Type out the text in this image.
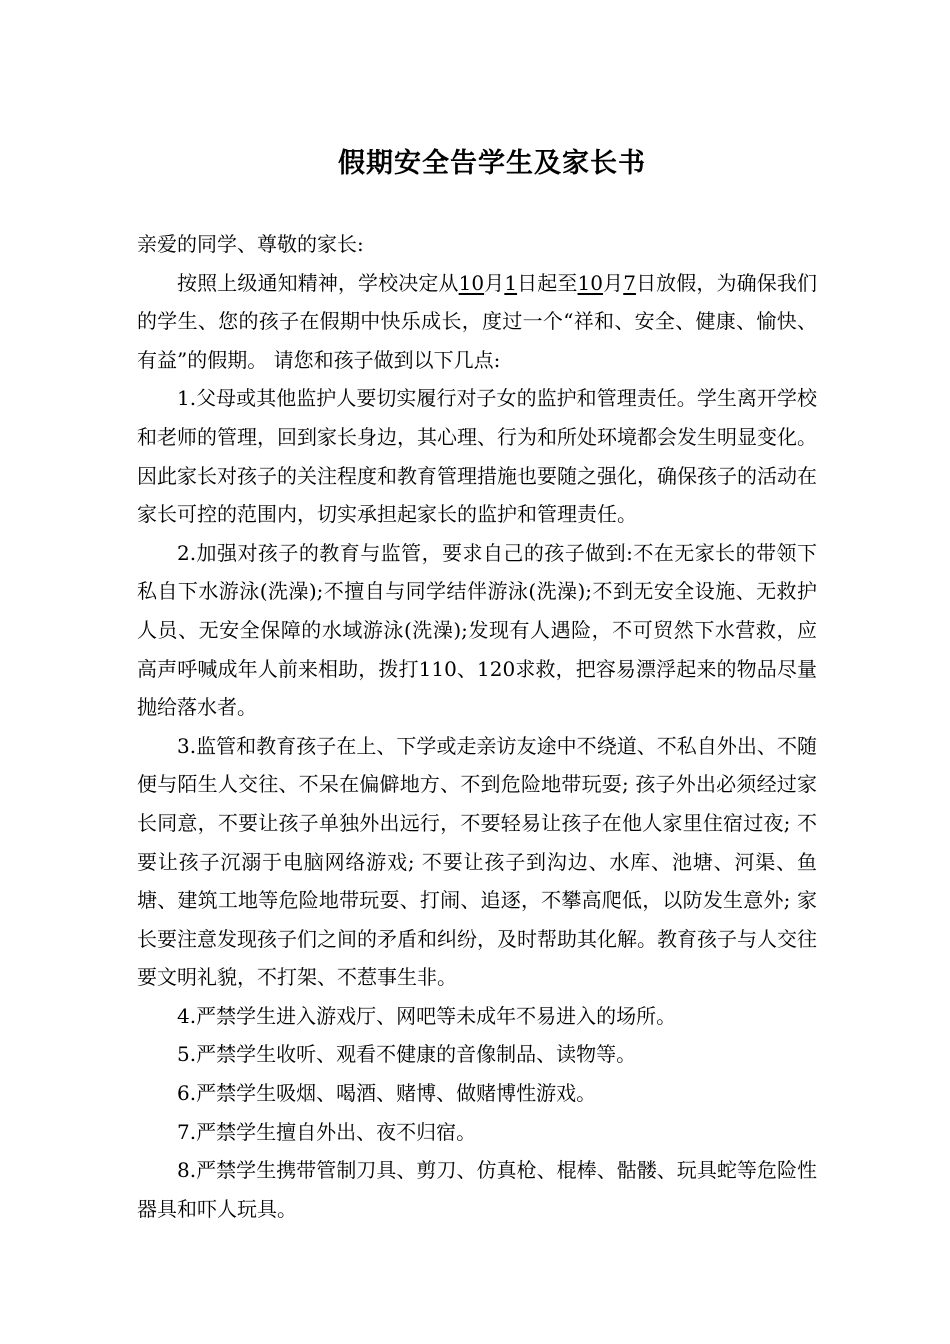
假期安全告学生及家长书

亲爱的同学、尊敬的家长:

按照上级通知精神，学校决定从10月1日起至10月7日放假，为确保我们的学生、您的孩子在假期中快乐成长，度过一个“祥和、安全、健康、愉快、有益”的假期。 请您和孩子做到以下几点:

1.父母或其他监护人要切实履行对子女的监护和管理责任。学生离开学校和老师的管理，回到家长身边，其心理、行为和所处环境都会发生明显变化。因此家长对孩子的关注程度和教育管理措施也要随之强化，确保孩子的活动在家长可控的范围内，切实承担起家长的监护和管理责任。

2.加强对孩子的教育与监管，要求自己的孩子做到:不在无家长的带领下私自下水游泳(洗澡);不擅自与同学结伴游泳(洗澡);不到无安全设施、无救护人员、无安全保障的水域游泳(洗澡);发现有人遇险，不可贸然下水营救，应高声呼喊成年人前来相助，拨打110、120求救，把容易漂浮起来的物品尽量抛给落水者。

3.监管和教育孩子在上、下学或走亲访友途中不绕道、不私自外出、不随便与陌生人交往、不呆在偏僻地方、不到危险地带玩耍; 孩子外出必须经过家长同意，不要让孩子单独外出远行，不要轻易让孩子在他人家里住宿过夜; 不要让孩子沉溺于电脑网络游戏; 不要让孩子到沟边、水库、池塘、河渠、鱼塘、建筑工地等危险地带玩耍、打闹、追逐，不攀高爬低，以防发生意外; 家长要注意发现孩子们之间的矛盾和纠纷，及时帮助其化解。教育孩子与人交往要文明礼貌，不打架、不惹事生非。

4.严禁学生进入游戏厅、网吧等未成年不易进入的场所。

5.严禁学生收听、观看不健康的音像制品、读物等。

6.严禁学生吸烟、喝酒、赌博、做赌博性游戏。

7.严禁学生擅自外出、夜不归宿。

8.严禁学生携带管制刀具、剪刀、仿真枪、棍棒、骷髅、玩具蛇等危险性器具和吓人玩具。
